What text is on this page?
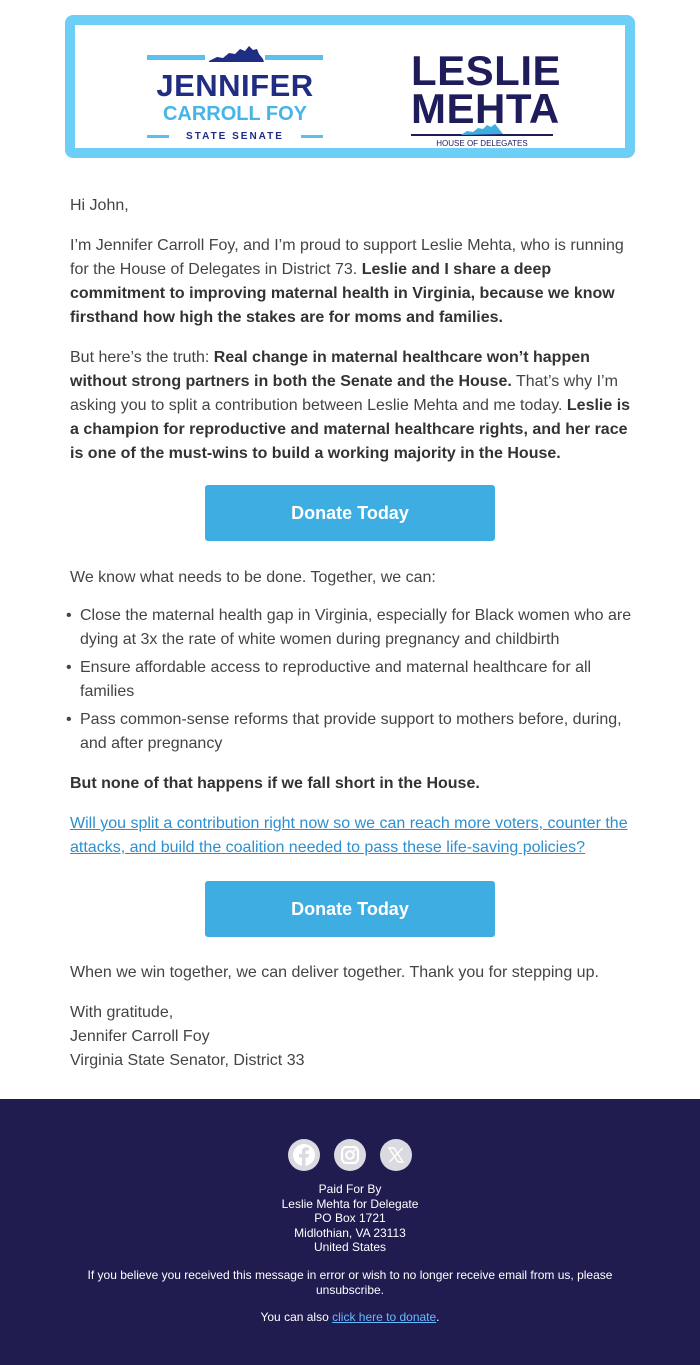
JENNIFER
CARROLL FOY
STATE SENATE
LESLIE
MEHTA
HOUSE OF DELEGATES

Hi John,

I’m Jennifer Carroll Foy, and I’m proud to support Leslie Mehta, who is running for the House of Delegates in District 73. Leslie and I share a deep commitment to improving maternal health in Virginia, because we know firsthand how high the stakes are for moms and families.

But here’s the truth: Real change in maternal healthcare won’t happen without strong partners in both the Senate and the House. That’s why I’m asking you to split a contribution between Leslie Mehta and me today. Leslie is a champion for reproductive and maternal healthcare rights, and her race is one of the must-wins to build a working majority in the House.

Donate Today

We know what needs to be done. Together, we can:

• Close the maternal health gap in Virginia, especially for Black women who are dying at 3x the rate of white women during pregnancy and childbirth
• Ensure affordable access to reproductive and maternal healthcare for all families
• Pass common-sense reforms that provide support to mothers before, during, and after pregnancy

But none of that happens if we fall short in the House.

Will you split a contribution right now so we can reach more voters, counter the attacks, and build the coalition needed to pass these life-saving policies?

Donate Today

When we win together, we can deliver together. Thank you for stepping up.

With gratitude,
Jennifer Carroll Foy
Virginia State Senator, District 33

Paid For By
Leslie Mehta for Delegate
PO Box 1721
Midlothian, VA 23113
United States
If you believe you received this message in error or wish to no longer receive email from us, please unsubscribe.
You can also click here to donate.
